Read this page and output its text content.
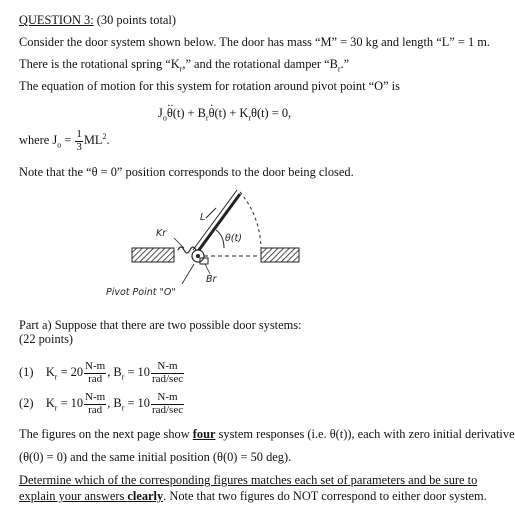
QUESTION 3: (30 points total)
Consider the door system shown below. The door has mass “M” = 30 kg and length “L” = 1 m.
There is the rotational spring “$K_r$,” and the rotational damper “$B_r$.”
The equation of motion for this system for rotation around pivot point “O” is
$J_o\cdot\cdot \theta(t) + B_r\cdot \theta(t) + K_r\theta(t) = 0$,
where $J_o = \frac{1}{3} ML^2$.
Note that the “θ = 0” position corresponds to the door being closed.
L
θ(t)
Kr
Br
Pivot Point "O"
Part a) Suppose that there are two possible door systems:
(22 points)
(1) $K_r = 20 \frac{N-m}{\text{rad}}$ , $B_r = 10 \frac{N-m}{\text{rad/sec}}$
(2) $K_r = 10 \frac{N-m}{\text{rad}}$ , $B_r = 10 \frac{N-m}{\text{rad/sec}}$
The figures on the next page show four system responses (i.e. θ(t)), each with zero initial derivative
(θ(0) = 0) and the same initial position (θ(0) = 50 deg).
Determine which of the corresponding figures matches each set of parameters and be sure to
explain your answers clearly. Note that two figures do NOT correspond to either door system.
